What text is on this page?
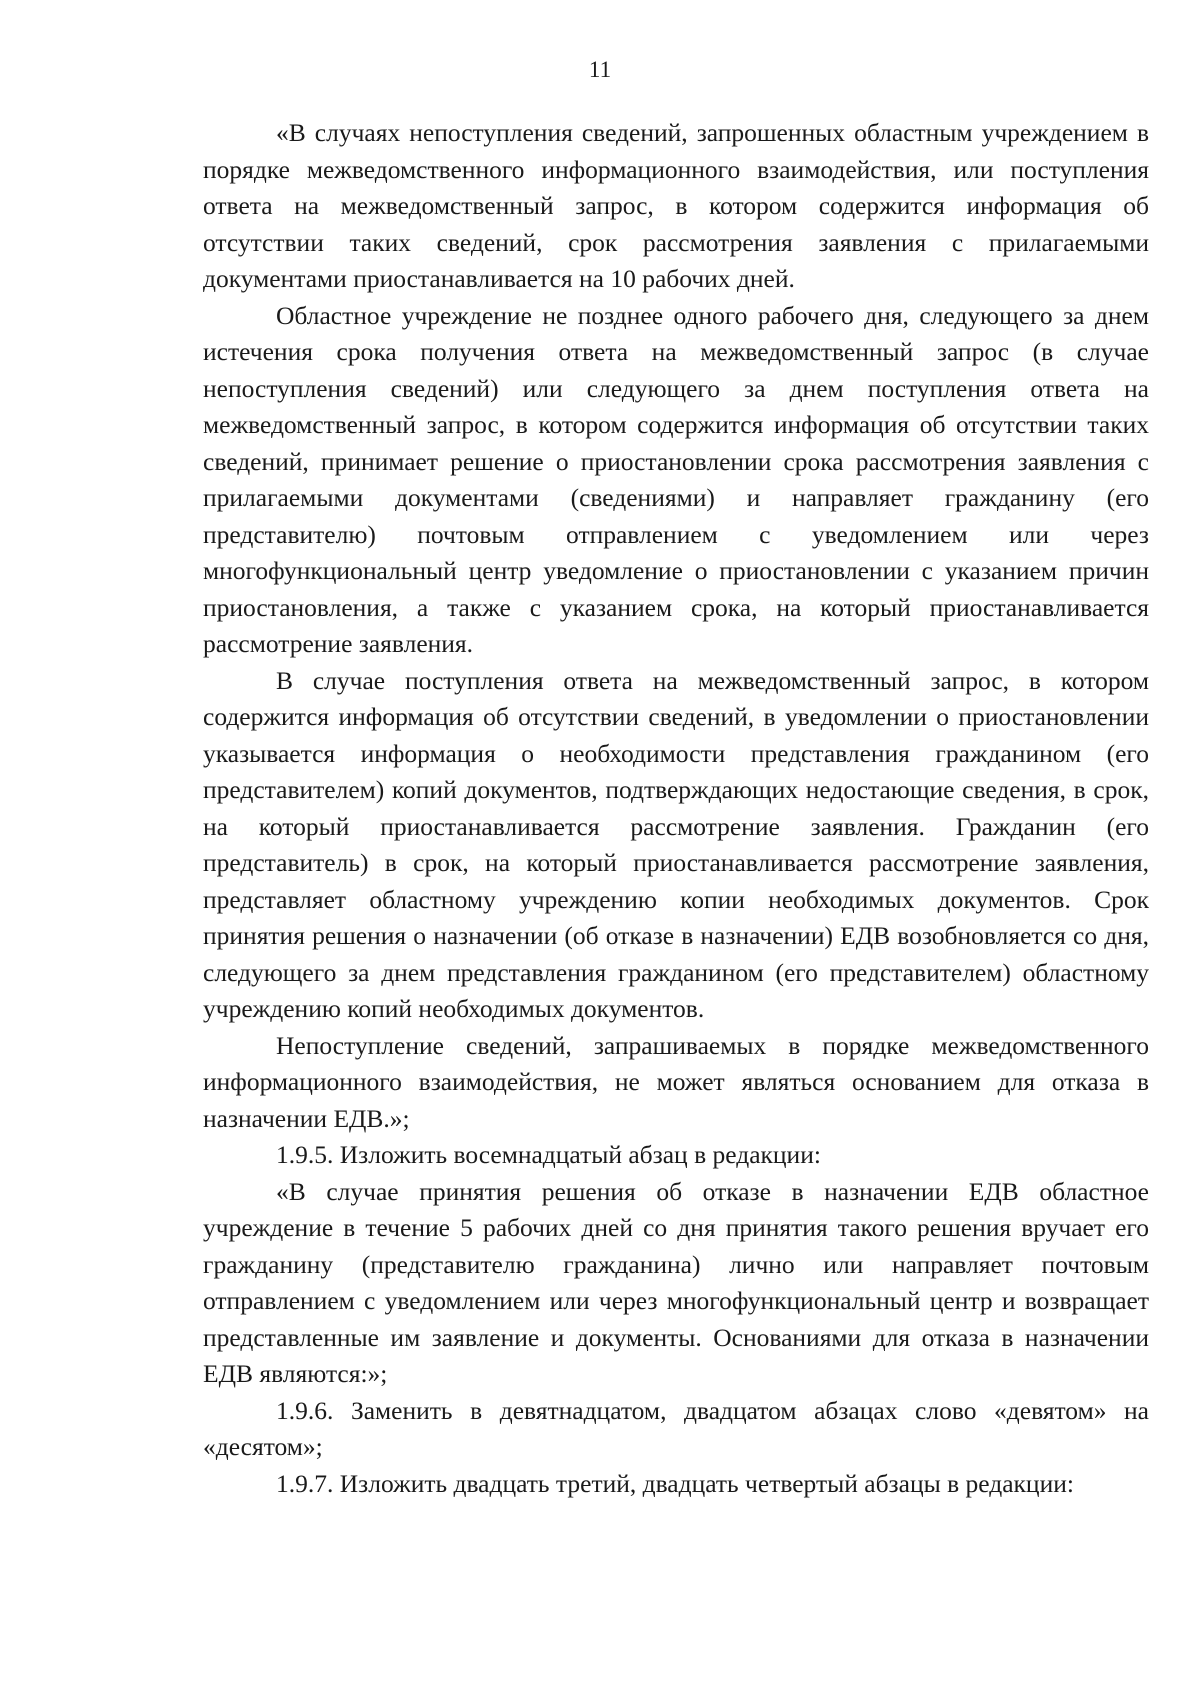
11

«В случаях непоступления сведений, запрошенных областным учреждением в порядке межведомственного информационного взаимодействия, или поступления ответа на межведомственный запрос, в котором содержится информация об отсутствии таких сведений, срок рассмотрения заявления с прилагаемыми документами приостанавливается на 10 рабочих дней.

Областное учреждение не позднее одного рабочего дня, следующего за днем истечения срока получения ответа на межведомственный запрос (в случае непоступления сведений) или следующего за днем поступления ответа на межведомственный запрос, в котором содержится информация об отсутствии таких сведений, принимает решение о приостановлении срока рассмотрения заявления с прилагаемыми документами (сведениями) и направляет гражданину (его представителю) почтовым отправлением с уведомлением или через многофункциональный центр уведомление о приостановлении с указанием причин приостановления, а также с указанием срока, на который приостанавливается рассмотрение заявления.

В случае поступления ответа на межведомственный запрос, в котором содержится информация об отсутствии сведений, в уведомлении о приостановлении указывается информация о необходимости представления гражданином (его представителем) копий документов, подтверждающих недостающие сведения, в срок, на который приостанавливается рассмотрение заявления. Гражданин (его представитель) в срок, на который приостанавливается рассмотрение заявления, представляет областному учреждению копии необходимых документов. Срок принятия решения о назначении (об отказе в назначении) ЕДВ возобновляется со дня, следующего за днем представления гражданином (его представителем) областному учреждению копий необходимых документов.

Непоступление сведений, запрашиваемых в порядке межведомственного информационного взаимодействия, не может являться основанием для отказа в назначении ЕДВ.»;

1.9.5. Изложить восемнадцатый абзац в редакции:

«В случае принятия решения об отказе в назначении ЕДВ областное учреждение в течение 5 рабочих дней со дня принятия такого решения вручает его гражданину (представителю гражданина) лично или направляет почтовым отправлением с уведомлением или через многофункциональный центр и возвращает представленные им заявление и документы. Основаниями для отказа в назначении ЕДВ являются:»;

1.9.6. Заменить в девятнадцатом, двадцатом абзацах слово «девятом» на «десятом»;

1.9.7. Изложить двадцать третий, двадцать четвертый абзацы в редакции:
